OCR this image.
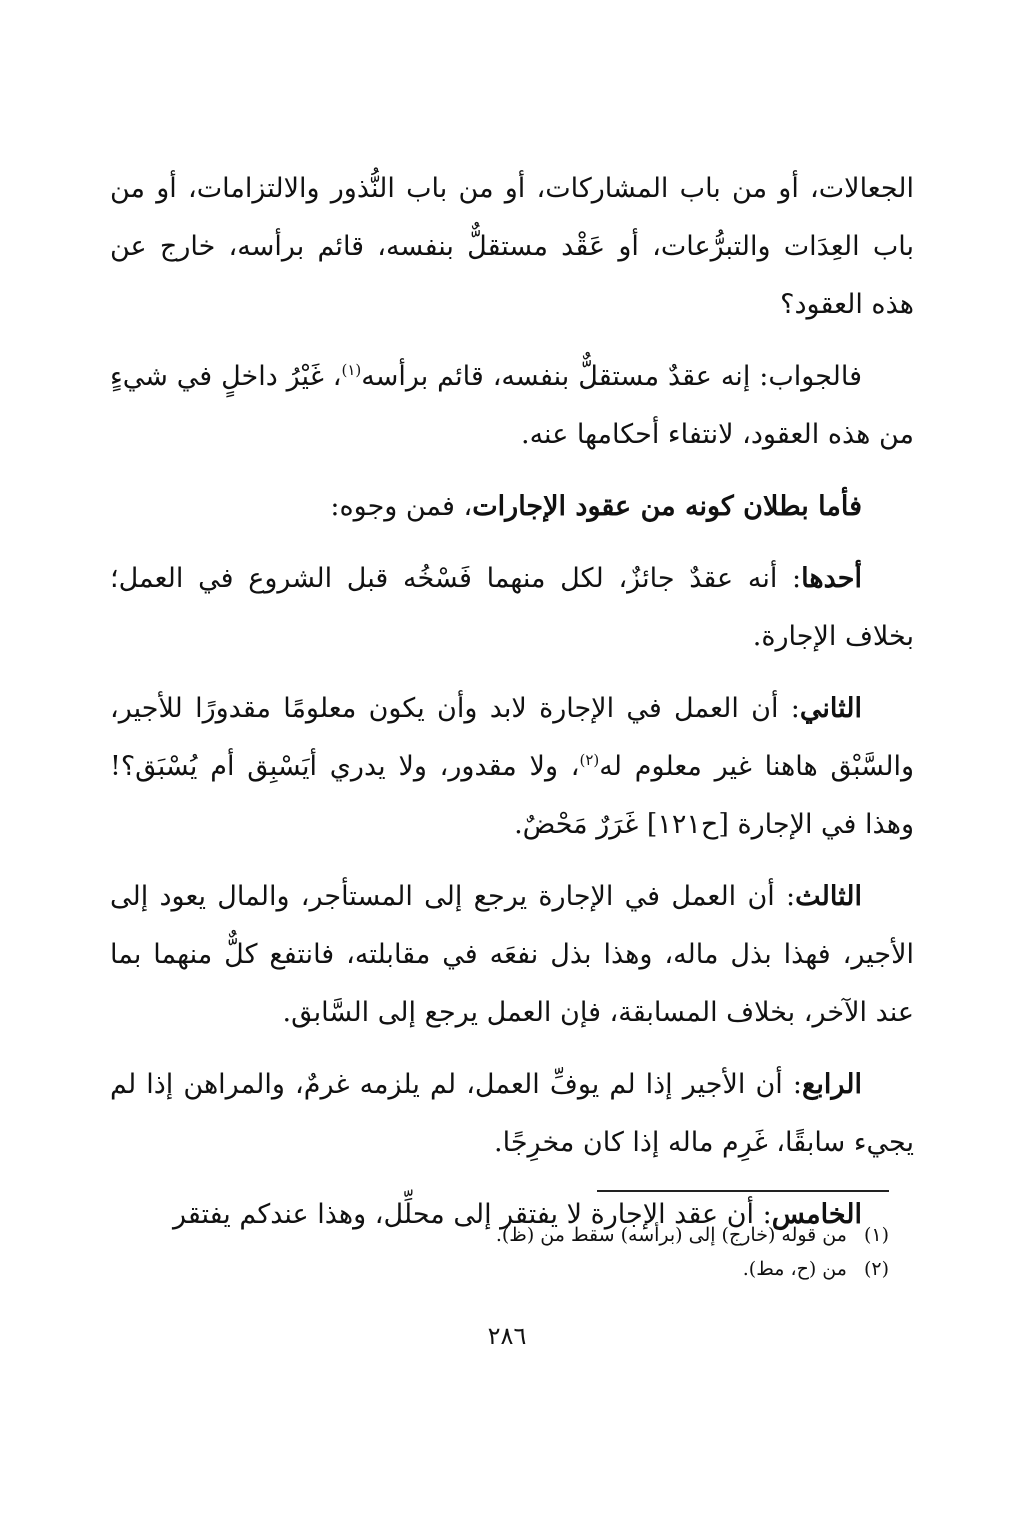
الجعالات، أو من باب المشاركات، أو من باب النُّذور والالتزامات، أو من باب العِدَات والتبرُّعات، أو عَقْد مستقلٌّ بنفسه، قائم برأسه، خارج عن هذه العقود؟

فالجواب: إنه عقدٌ مستقلٌّ بنفسه، قائم برأسه$^{(١)}$، غَيْرُ داخلٍ في شيءٍ من هذه العقود، لانتفاء أحكامها عنه.

فأما بطلان كونه من عقود الإجارات، فمن وجوه:

أحدها: أنه عقدٌ جائزٌ، لكل منهما فَسْخُه قبل الشروع في العمل؛ بخلاف الإجارة.

الثاني: أن العمل في الإجارة لابد وأن يكون معلومًا مقدورًا للأجير، والسَّبْق هاهنا غير معلوم له$^{(٢)}$، ولا مقدور، ولا يدري أيَسْبِق أم يُسْبَق؟! وهذا في الإجارة [ح١٢١] غَرَرٌ مَحْضٌ.

الثالث: أن العمل في الإجارة يرجع إلى المستأجر، والمال يعود إلى الأجير، فهذا بذل ماله، وهذا بذل نفعَه في مقابلته، فانتفع كلٌّ منهما بما عند الآخر، بخلاف المسابقة، فإن العمل يرجع إلى السَّابق.

الرابع: أن الأجير إذا لم يوفِّ العمل، لم يلزمه غرمٌ، والمراهن إذا لم يجيء سابقًا، غَرِم ماله إذا كان مخرِجًا.

الخامس: أن عقد الإجارة لا يفتقر إلى محلِّل، وهذا عندكم يفتقر

(١) من قوله (خارج) إلى (برأسه) سقط من (ظ).
(٢) من (ح، مط).
٢٨٦
